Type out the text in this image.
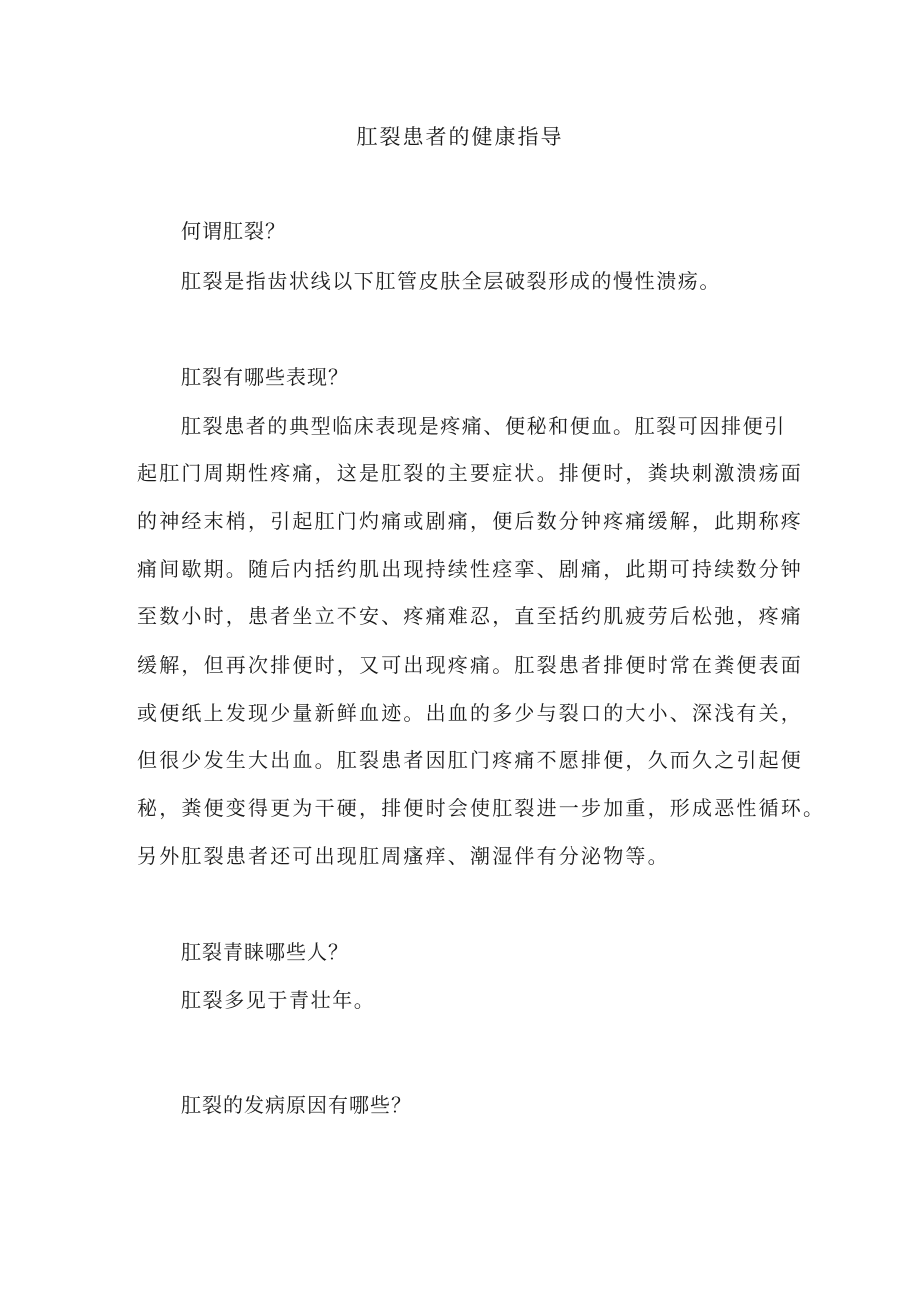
肛裂患者的健康指导

何谓肛裂？

肛裂是指齿状线以下肛管皮肤全层破裂形成的慢性溃疡。

肛裂有哪些表现？

肛裂患者的典型临床表现是疼痛、便秘和便血。肛裂可因排便引

起肛门周期性疼痛，这是肛裂的主要症状。排便时，粪块刺激溃疡面

的神经末梢，引起肛门灼痛或剧痛，便后数分钟疼痛缓解，此期称疼

痛间歇期。随后内括约肌出现持续性痉挛、剧痛，此期可持续数分钟

至数小时，患者坐立不安、疼痛难忍，直至括约肌疲劳后松弛，疼痛

缓解，但再次排便时，又可出现疼痛。肛裂患者排便时常在粪便表面

或便纸上发现少量新鲜血迹。出血的多少与裂口的大小、深浅有关，

但很少发生大出血。肛裂患者因肛门疼痛不愿排便，久而久之引起便

秘，粪便变得更为干硬，排便时会使肛裂进一步加重，形成恶性循环。

另外肛裂患者还可出现肛周瘙痒、潮湿伴有分泌物等。

肛裂青睐哪些人？

肛裂多见于青壮年。

肛裂的发病原因有哪些？
